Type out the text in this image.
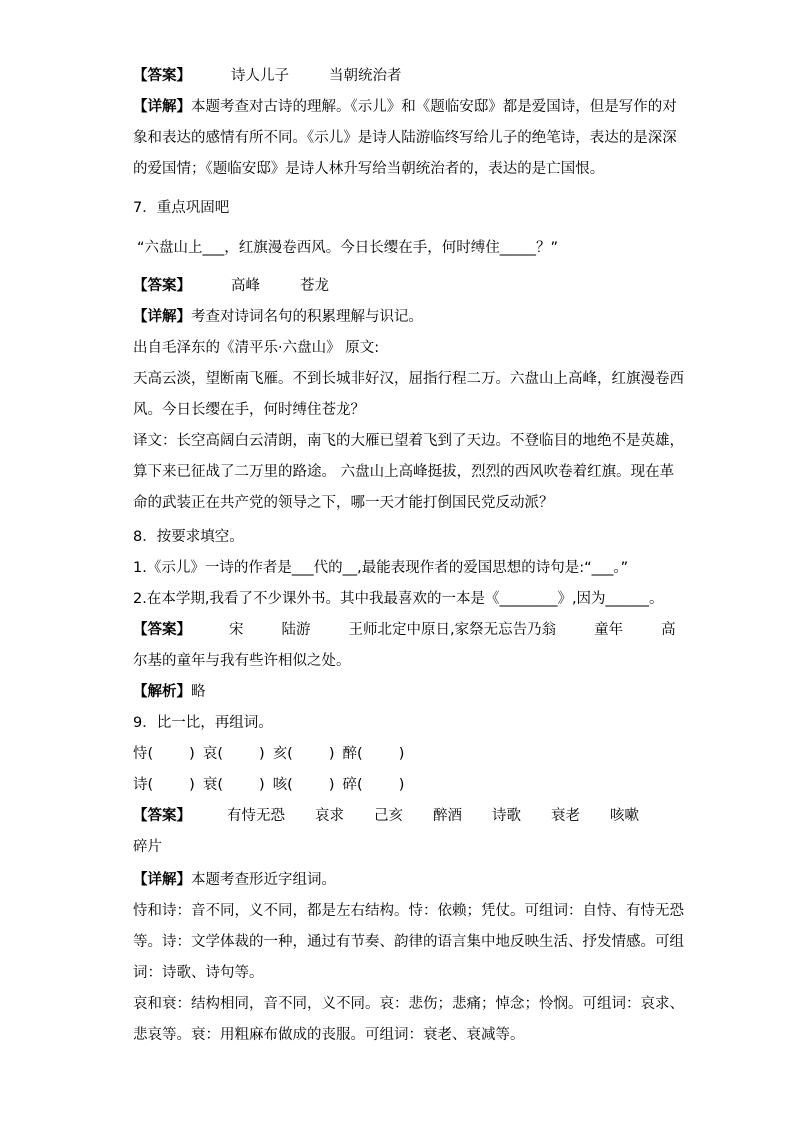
【答案】	诗人儿子	当朝统治者
【详解】本题考查对古诗的理解。《示儿》和《题临安邸》都是爱国诗，但是写作的对
象和表达的感情有所不同。《示儿》是诗人陆游临终写给儿子的绝笔诗，表达的是深深
的爱国情；《题临安邸》是诗人林升写给当朝统治者的，表达的是亡国恨。
7．重点巩固吧
“六盘山上___，红旗漫卷西风。今日长缨在手，何时缚住_____？”
【答案】	高峰	苍龙
【详解】考查对诗词名句的积累理解与识记。
出自毛泽东的《清平乐·六盘山》 原文:
天高云淡，望断南飞雁。不到长城非好汉，屈指行程二万。六盘山上高峰，红旗漫卷西
风。今日长缨在手，何时缚住苍龙？
译文：长空高阔白云清朗，南飞的大雁已望着飞到了天边。不登临目的地绝不是英雄，
算下来已征战了二万里的路途。 六盘山上高峰挺拔，烈烈的西风吹卷着红旗。现在革
命的武装正在共产党的领导之下，哪一天才能打倒国民党反动派？
8．按要求填空。
1.《示儿》一诗的作者是___代的__,最能表现作者的爱国思想的诗句是:“___。”
2.在本学期,我看了不少课外书。其中我最喜欢的一本是《________》,因为______。
【答案】	宋	陆游	王师北定中原日,家祭无忘告乃翁	童年	高
尔基的童年与我有些许相似之处。
【解析】略
9．比一比，再组词。
恃( ) 哀( ) 亥( ) 醉( )
诗( ) 衰( ) 咳( ) 碎( )
【答案】 有恃无恐 哀求 己亥 醉酒 诗歌 衰老 咳嗽
碎片
【详解】本题考查形近字组词。
恃和诗：音不同，义不同，都是左右结构。恃：依赖；凭仗。可组词：自恃、有恃无恐
等。诗：文学体裁的一种，通过有节奏、韵律的语言集中地反映生活、抒发情感。可组
词：诗歌、诗句等。
哀和衰：结构相同，音不同，义不同。哀：悲伤；悲痛；悼念；怜悯。可组词：哀求、
悲哀等。衰：用粗麻布做成的丧服。可组词：衰老、衰减等。
